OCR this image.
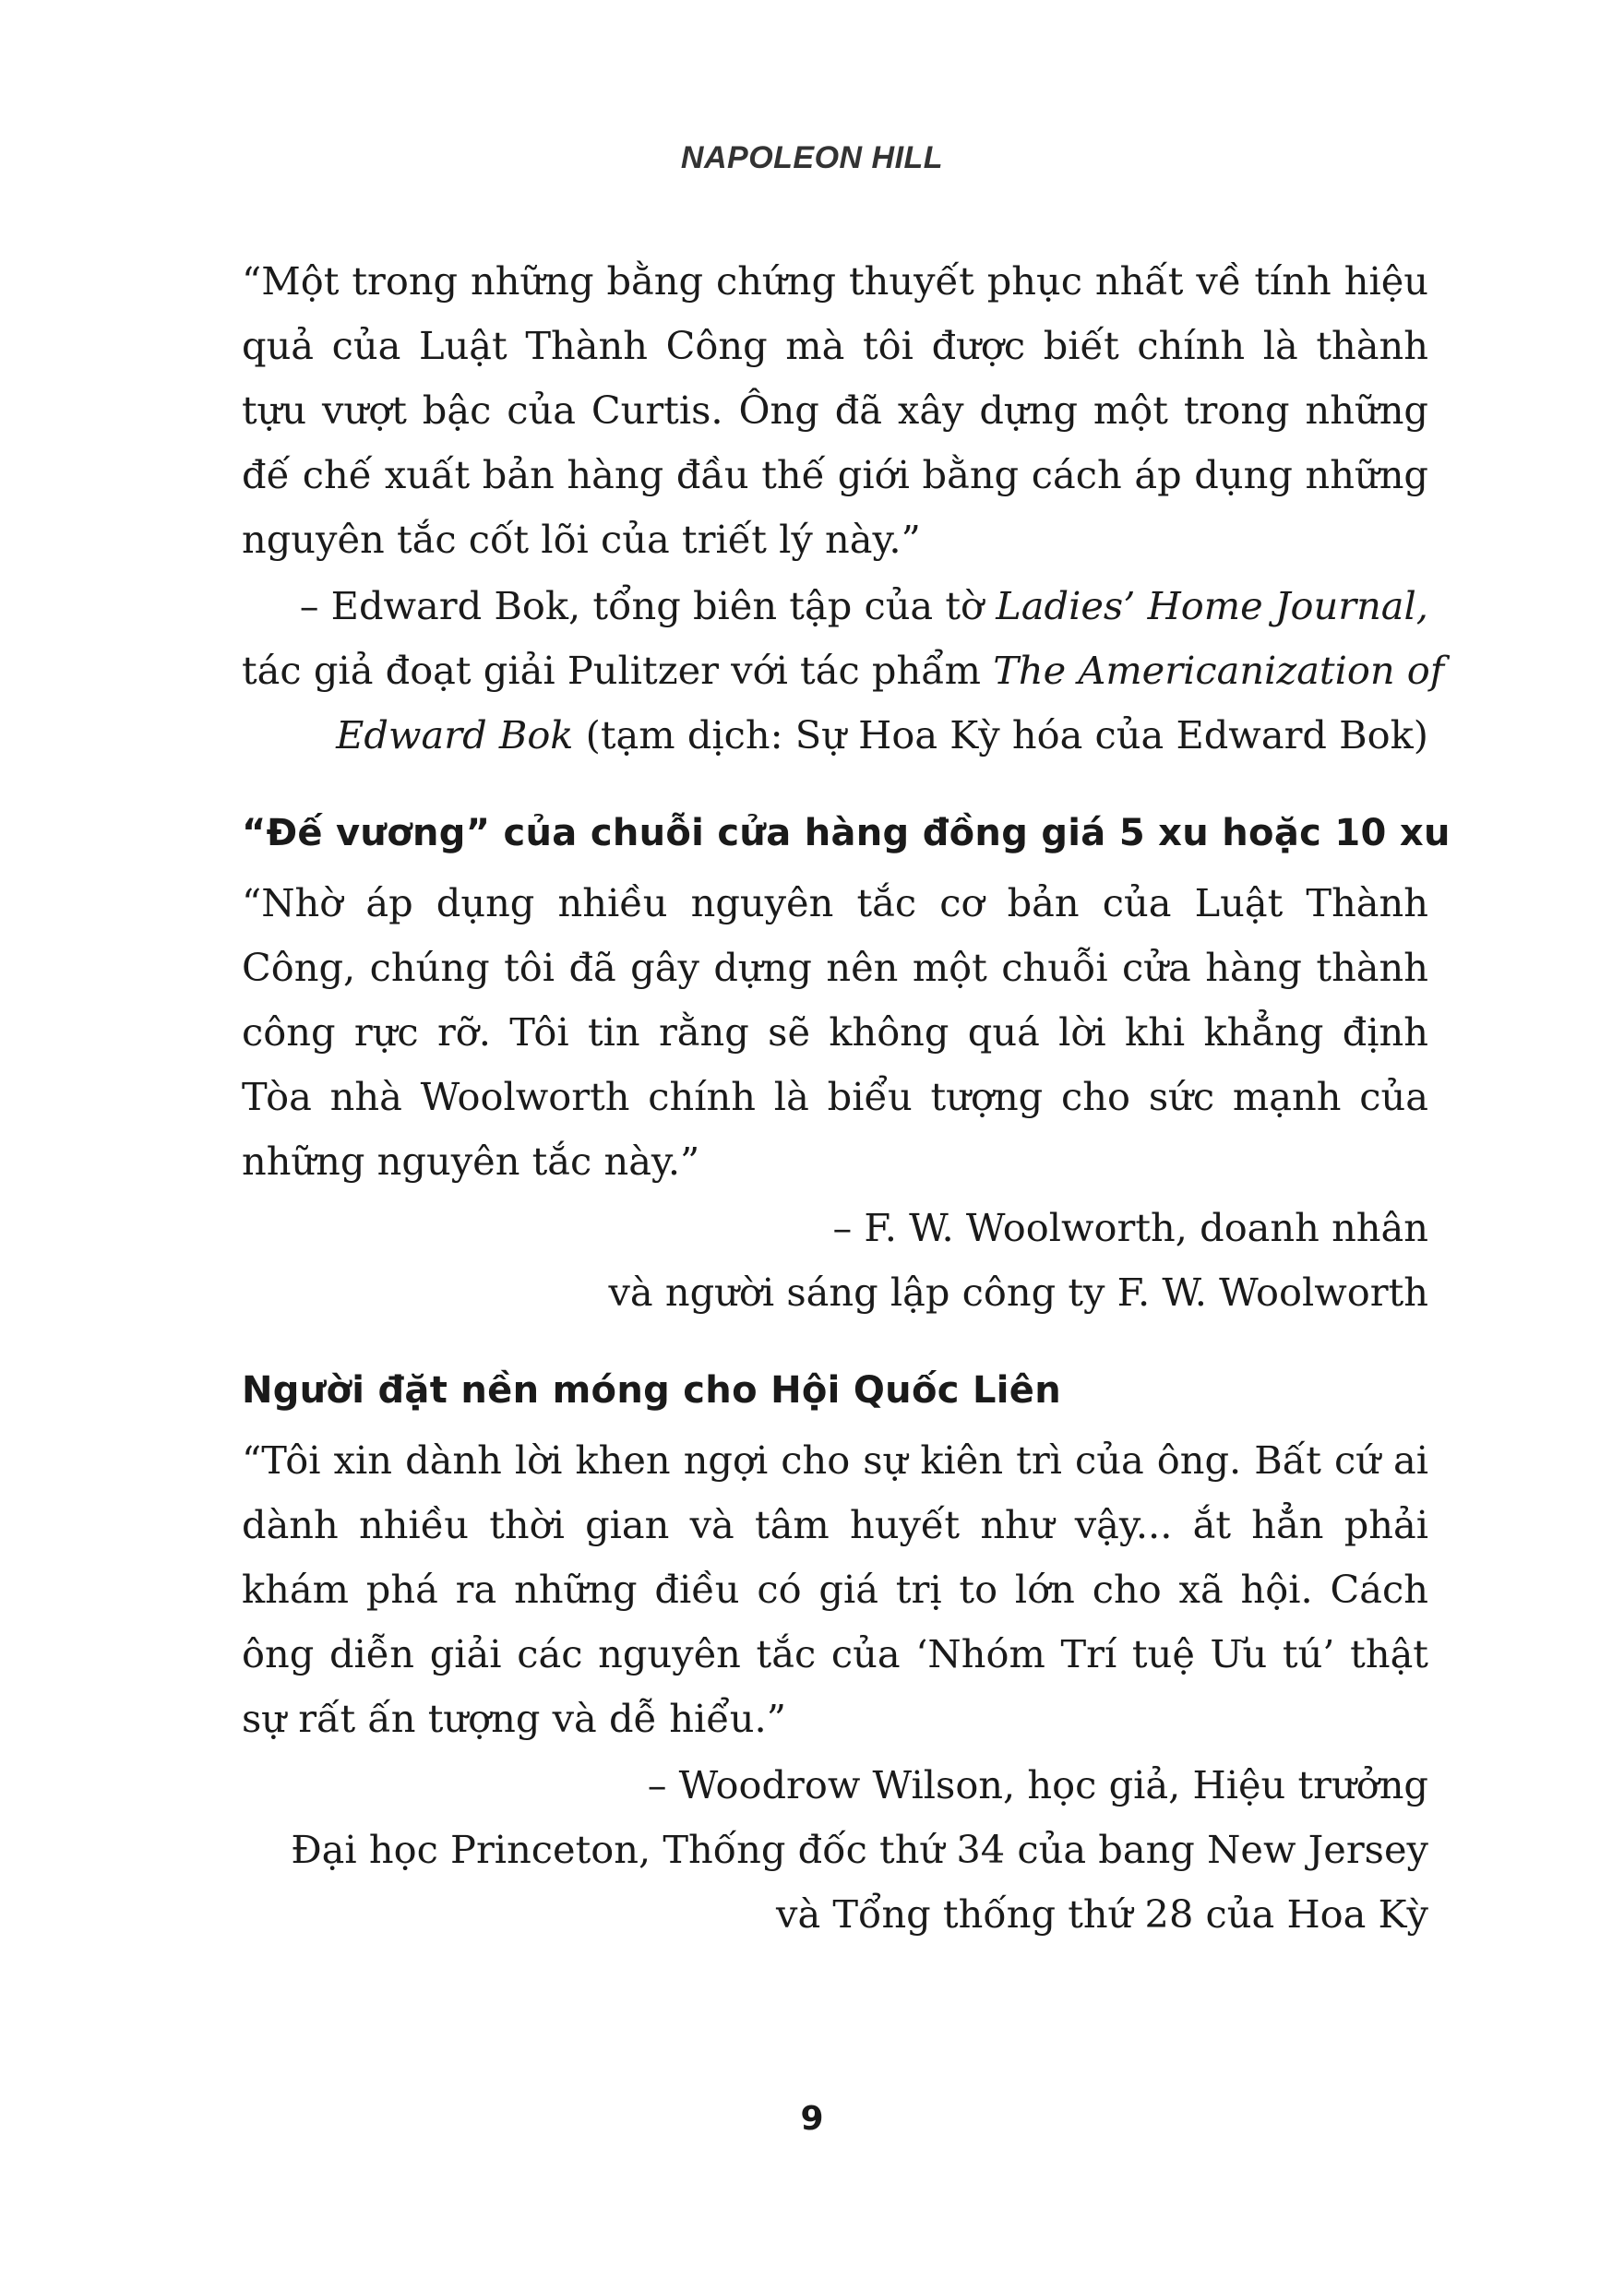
NAPOLEON HILL

“Một trong những bằng chứng thuyết phục nhất về tính hiệu quả của Luật Thành Công mà tôi được biết chính là thành tựu vượt bậc của Curtis. Ông đã xây dựng một trong những đế chế xuất bản hàng đầu thế giới bằng cách áp dụng những nguyên tắc cốt lõi của triết lý này.”

– Edward Bok, tổng biên tập của tờ Ladies’ Home Journal,
tác giả đoạt giải Pulitzer với tác phẩm The Americanization of
Edward Bok (tạm dịch: Sự Hoa Kỳ hóa của Edward Bok)
“Đế vương” của chuỗi cửa hàng đồng giá 5 xu hoặc 10 xu

“Nhờ áp dụng nhiều nguyên tắc cơ bản của Luật Thành Công, chúng tôi đã gây dựng nên một chuỗi cửa hàng thành công rực rỡ. Tôi tin rằng sẽ không quá lời khi khẳng định Tòa nhà Woolworth chính là biểu tượng cho sức mạnh của những nguyên tắc này.”

– F. W. Woolworth, doanh nhân
và người sáng lập công ty F. W. Woolworth
Người đặt nền móng cho Hội Quốc Liên

“Tôi xin dành lời khen ngợi cho sự kiên trì của ông. Bất cứ ai dành nhiều thời gian và tâm huyết như vậy... ắt hẳn phải khám phá ra những điều có giá trị to lớn cho xã hội. Cách ông diễn giải các nguyên tắc của ‘Nhóm Trí tuệ Ưu tú’ thật sự rất ấn tượng và dễ hiểu.”

– Woodrow Wilson, học giả, Hiệu trưởng
Đại học Princeton, Thống đốc thứ 34 của bang New Jersey
và Tổng thống thứ 28 của Hoa Kỳ
9
